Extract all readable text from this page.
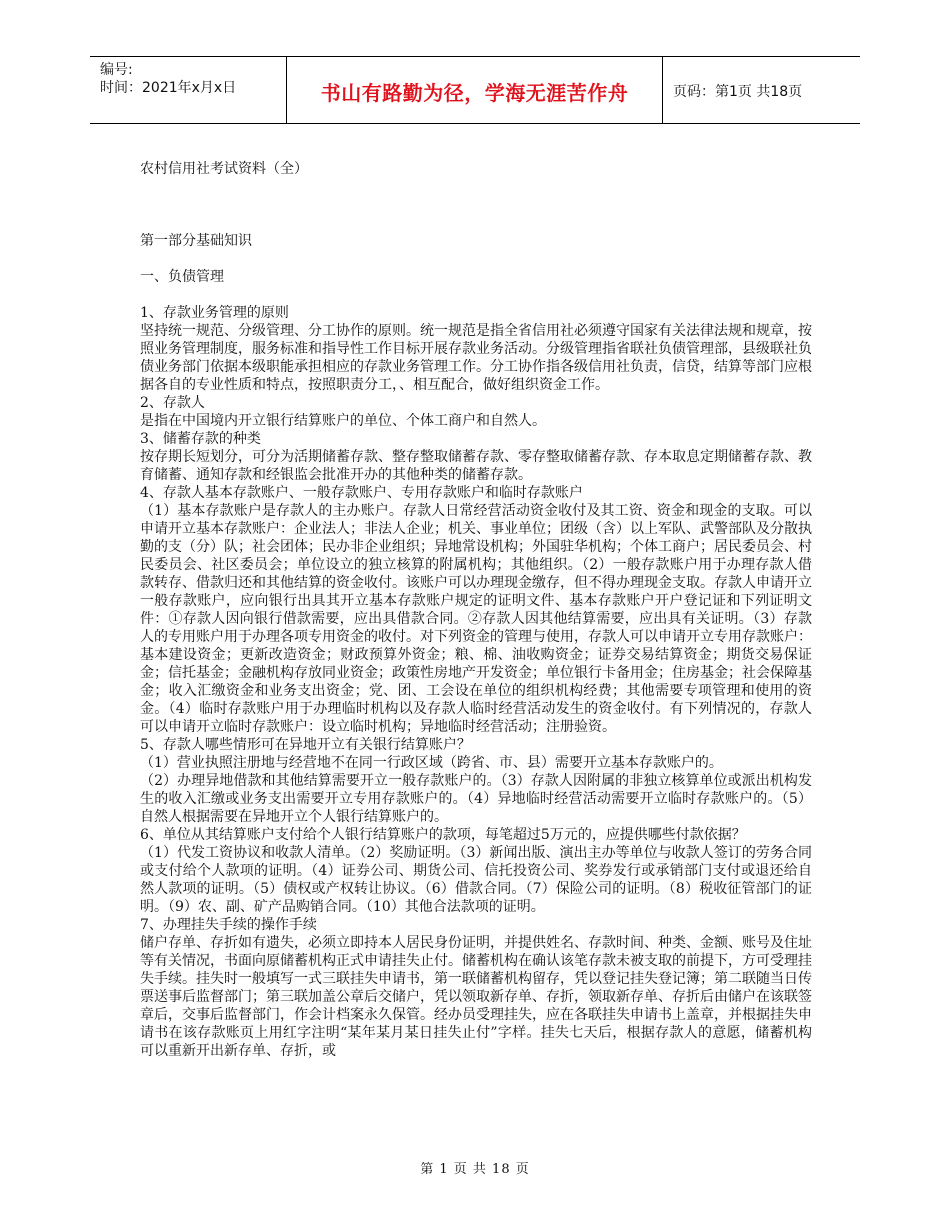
编号:
时间：2021年x月x日	书山有路勤为径，学海无涯苦作舟	页码：第1页 共18页

农村信用社考试资料（全）

第一部分基础知识

一、负债管理

1、存款业务管理的原则

坚持统一规范、分级管理、分工协作的原则。统一规范是指全省信用社必须遵守国家有关法律法规和规章，按照业务管理制度，服务标准和指导性工作目标开展存款业务活动。分级管理指省联社负债管理部，县级联社负债业务部门依据本级职能承担相应的存款业务管理工作。分工协作指各级信用社负责，信贷，结算等部门应根据各自的专业性质和特点，按照职责分工，、相互配合，做好组织资金工作。

2、存款人

是指在中国境内开立银行结算账户的单位、个体工商户和自然人。

3、储蓄存款的种类

按存期长短划分，可分为活期储蓄存款、整存整取储蓄存款、零存整取储蓄存款、存本取息定期储蓄存款、教育储蓄、通知存款和经银监会批准开办的其他种类的储蓄存款。

4、存款人基本存款账户、一般存款账户、专用存款账户和临时存款账户

（1）基本存款账户是存款人的主办账户。存款人日常经营活动资金收付及其工资、资金和现金的支取。可以申请开立基本存款账户：企业法人；非法人企业；机关、事业单位；团级（含）以上军队、武警部队及分散执勤的支（分）队；社会团体；民办非企业组织；异地常设机构；外国驻华机构；个体工商户；居民委员会、村民委员会、社区委员会；单位设立的独立核算的附属机构；其他组织。（2）一般存款账户用于办理存款人借款转存、借款归还和其他结算的资金收付。该账户可以办理现金缴存，但不得办理现金支取。存款人申请开立一般存款账户，应向银行出具其开立基本存款账户规定的证明文件、基本存款账户开户登记证和下列证明文件：①存款人因向银行借款需要，应出具借款合同。②存款人因其他结算需要，应出具有关证明。（3）存款人的专用账户用于办理各项专用资金的收付。对下列资金的管理与使用，存款人可以申请开立专用存款账户：基本建设资金；更新改造资金；财政预算外资金；粮、棉、油收购资金；证券交易结算资金；期货交易保证金；信托基金；金融机构存放同业资金；政策性房地产开发资金；单位银行卡备用金；住房基金；社会保障基金；收入汇缴资金和业务支出资金；党、团、工会设在单位的组织机构经费；其他需要专项管理和使用的资金。（4）临时存款账户用于办理临时机构以及存款人临时经营活动发生的资金收付。有下列情况的，存款人可以申请开立临时存款账户：设立临时机构；异地临时经营活动；注册验资。

5、存款人哪些情形可在异地开立有关银行结算账户？

（1）营业执照注册地与经营地不在同一行政区域（跨省、市、县）需要开立基本存款账户的。

（2）办理异地借款和其他结算需要开立一般存款账户的。（3）存款人因附属的非独立核算单位或派出机构发生的收入汇缴或业务支出需要开立专用存款账户的。（4）异地临时经营活动需要开立临时存款账户的。（5）自然人根据需要在异地开立个人银行结算账户的。

6、单位从其结算账户支付给个人银行结算账户的款项，每笔超过5万元的，应提供哪些付款依据？

（1）代发工资协议和收款人清单。（2）奖励证明。（3）新闻出版、演出主办等单位与收款人签订的劳务合同或支付给个人款项的证明。（4）证券公司、期货公司、信托投资公司、奖券发行或承销部门支付或退还给自然人款项的证明。（5）债权或产权转让协议。（6）借款合同。（7）保险公司的证明。（8）税收征管部门的证明。（9）农、副、矿产品购销合同。（10）其他合法款项的证明。

7、办理挂失手续的操作手续

储户存单、存折如有遗失，必须立即持本人居民身份证明，并提供姓名、存款时间、种类、金额、账号及住址等有关情况，书面向原储蓄机构正式申请挂失止付。储蓄机构在确认该笔存款未被支取的前提下，方可受理挂失手续。挂失时一般填写一式三联挂失申请书，第一联储蓄机构留存，凭以登记挂失登记簿；第二联随当日传票送事后监督部门；第三联加盖公章后交储户，凭以领取新存单、存折，领取新存单、存折后由储户在该联签章后，交事后监督部门，作会计档案永久保管。经办员受理挂失，应在各联挂失申请书上盖章，并根据挂失申请书在该存款账页上用红字注明“某年某月某日挂失止付”字样。挂失七天后，根据存款人的意愿，储蓄机构可以重新开出新存单、存折，或

第 1 页 共 18 页
